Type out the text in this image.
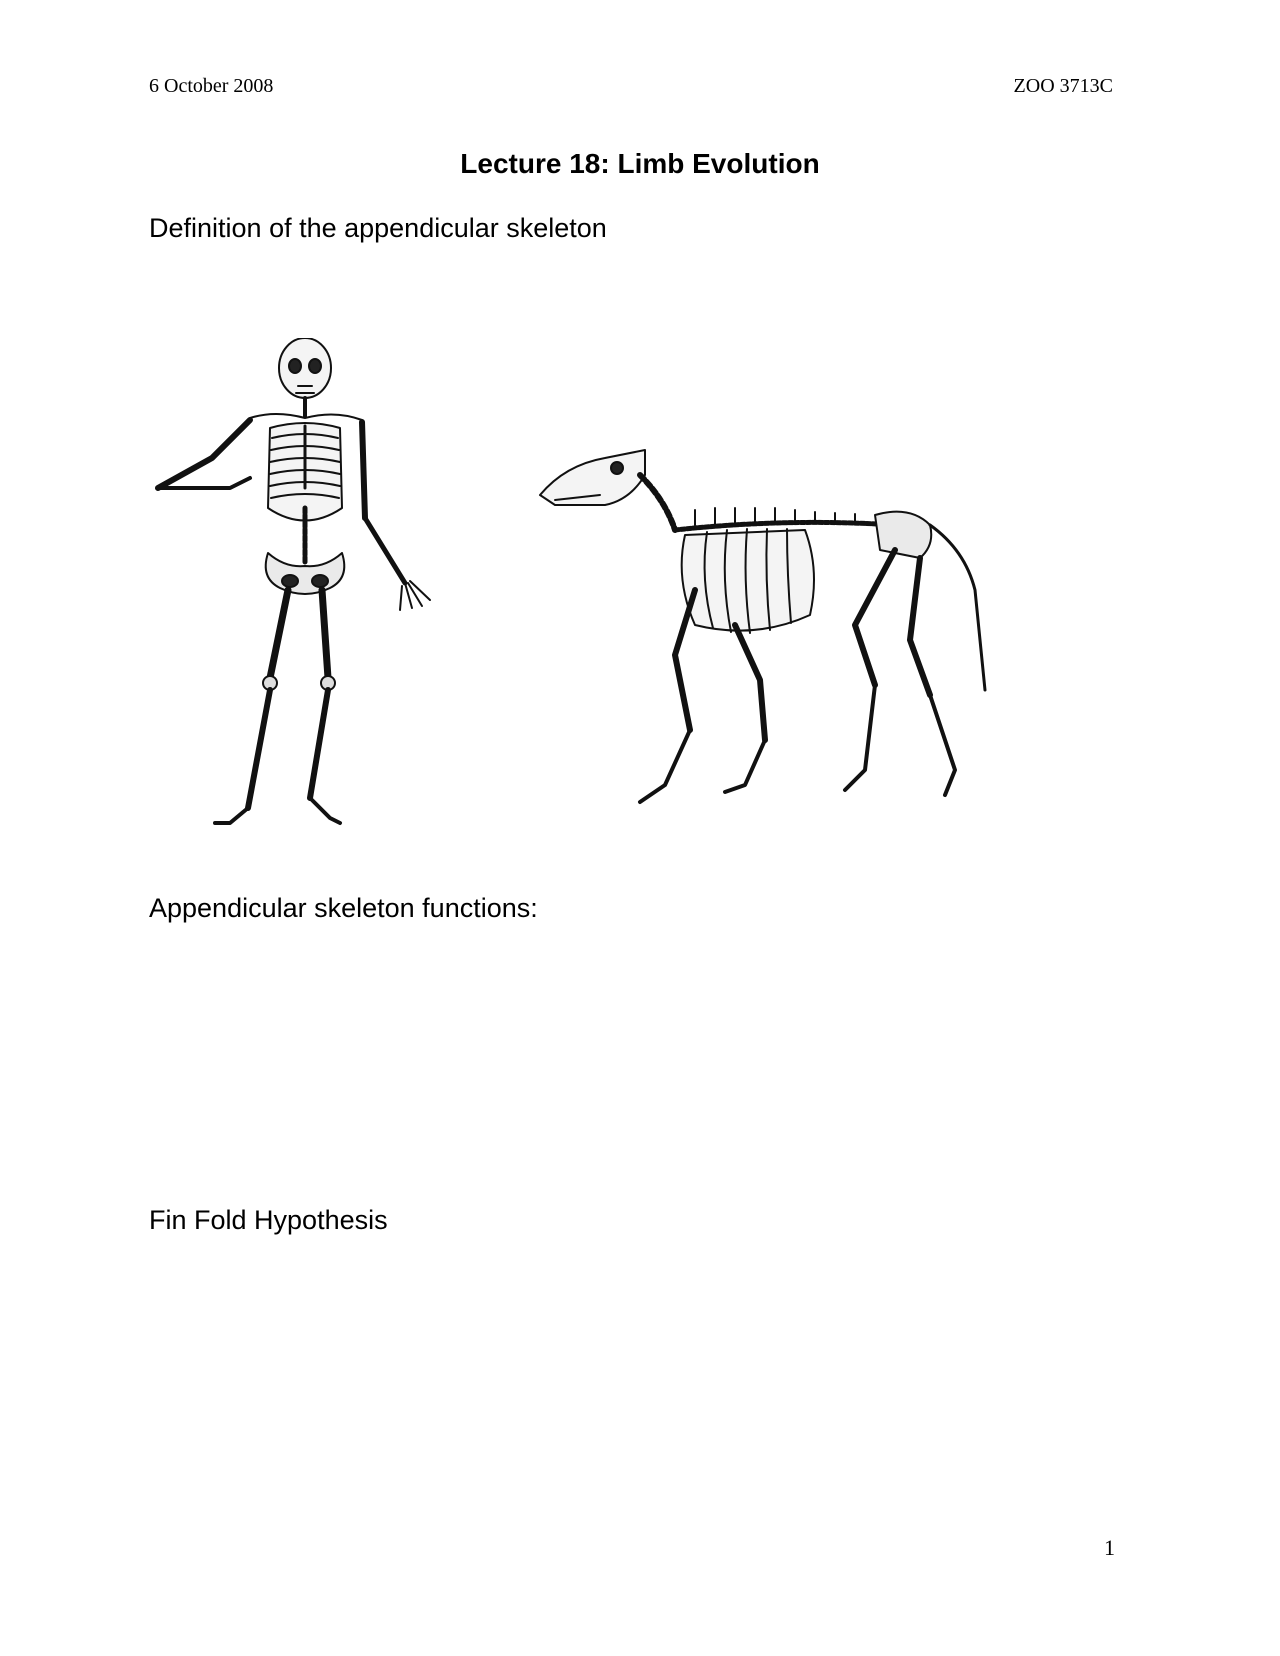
6 October 2008	ZOO 3713C
Lecture 18: Limb Evolution
Definition of the appendicular skeleton
Appendicular skeleton functions:
Fin Fold Hypothesis
1
